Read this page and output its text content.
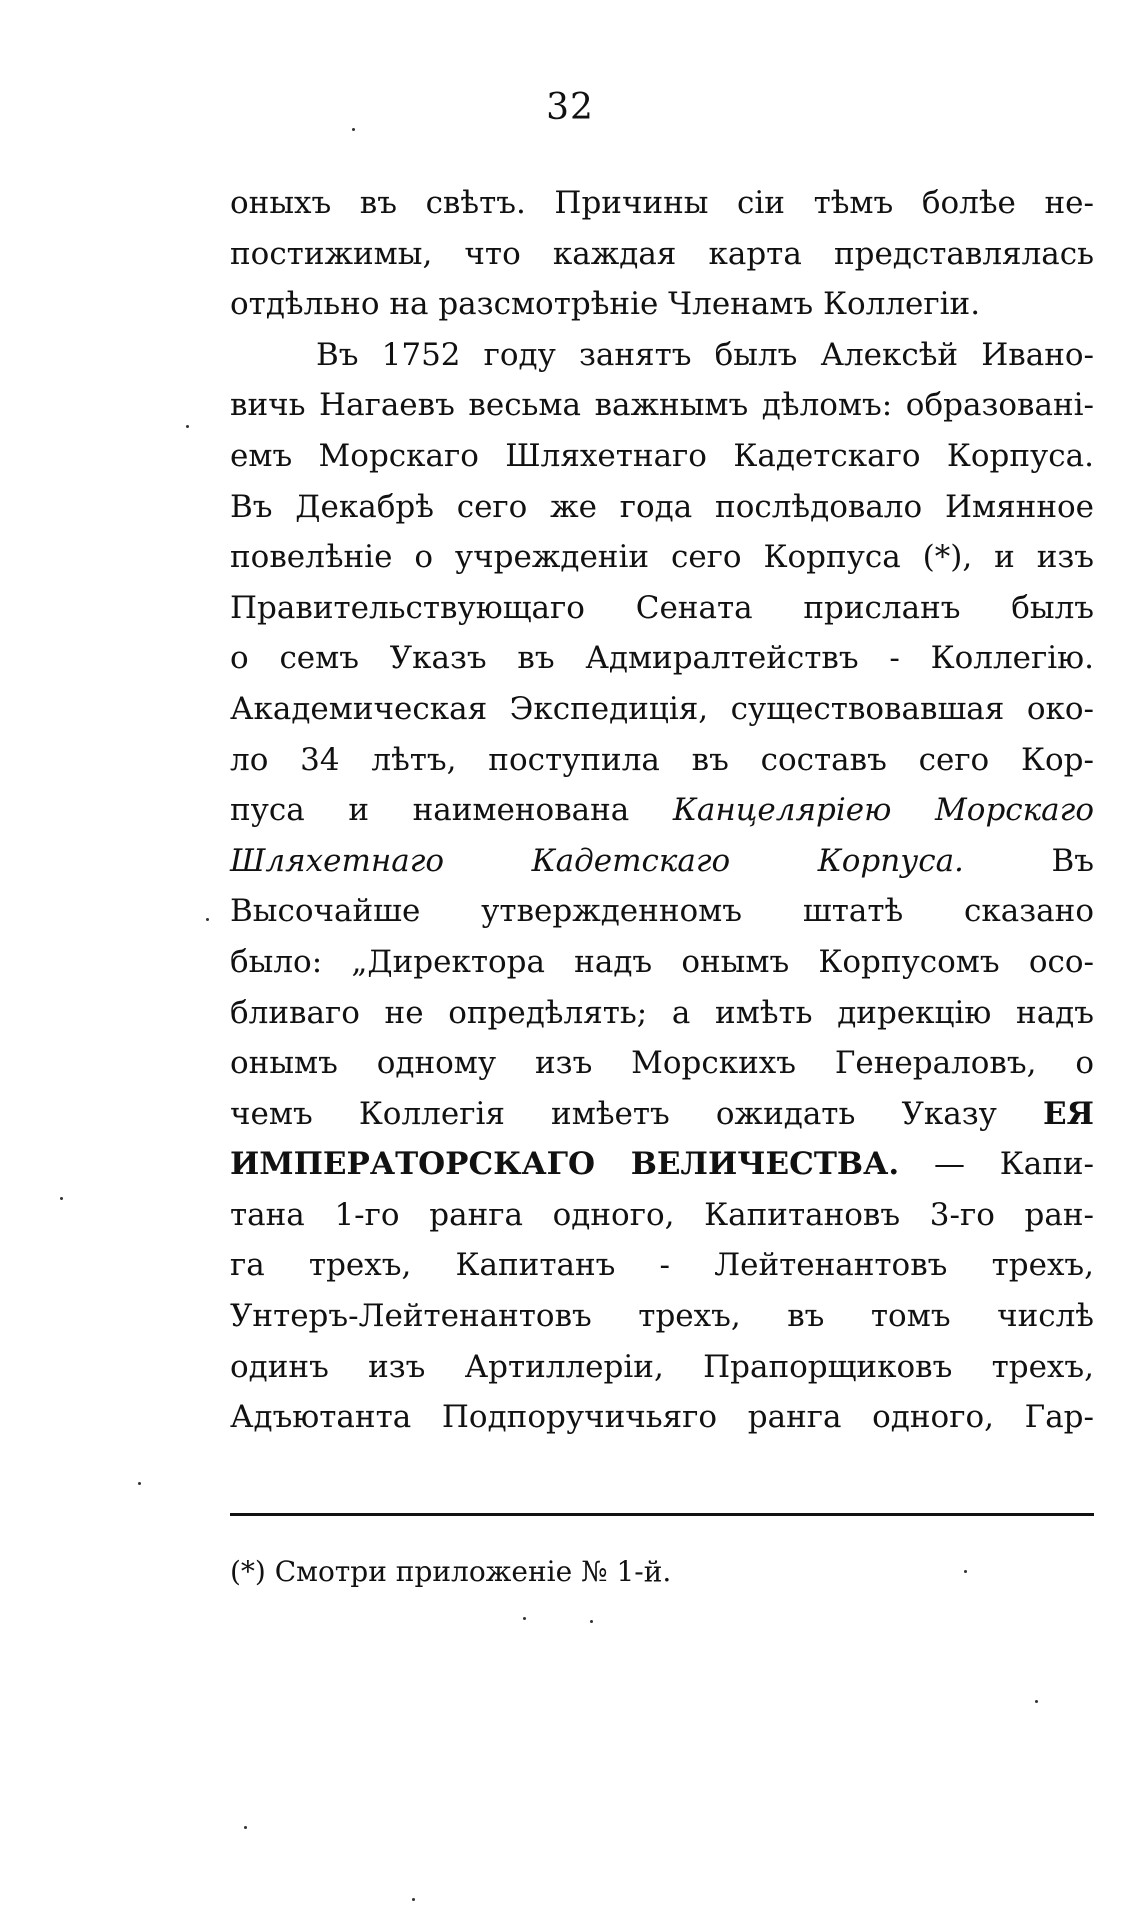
32
оныхъ въ свѣтъ. Причины сіи тѣмъ болѣе не-
постижимы, что каждая карта представлялась
отдѣльно на разсмотрѣніе Членамъ Коллегіи.
Въ 1752 году занятъ былъ Алексѣй Ивано-
вичь Нагаевъ весьма важнымъ дѣломъ: образованi-
емъ Морскаго Шляхетнаго Кадетскаго Корпуса.
Въ Декабрѣ сего же года послѣдовало Имянное
повелѣніе о учрежденіи сего Корпуса (*), и изъ
Правительствующаго Сената присланъ былъ
о семъ Указъ въ Адмиралтействъ - Коллегію.
Академическая Экспедиція, существовавшая око-
ло 34 лѣтъ, поступила въ составъ сего Кор-
пуса и наименована Канцеляріею Морскаго
Шляхетнаго Кадетскаго Корпуса.	Въ
Высочайше утвержденномъ штатѣ сказано
было: „Директора надъ онымъ Корпусомъ осо-
бливаго не опредѣлять; а имѣть дирекцію надъ
онымъ одному изъ Морскихъ Генераловъ, о
чемъ Коллегія имѣетъ ожидать Указу ЕЯ
ИМПЕРАТОРСКАГО ВЕЛИЧЕСТВА. — Капи-
тана 1-го ранга одного, Капитановъ 3-го ран-
га трехъ, Капитанъ - Лейтенантовъ трехъ,
Унтеръ-Лейтенантовъ трехъ, въ томъ числѣ
одинъ изъ Артиллеріи, Прапорщиковъ трехъ,
Адъютанта Подпоручичьяго ранга одного, Гар-
(*) Смотри приложеніе № 1-й.
